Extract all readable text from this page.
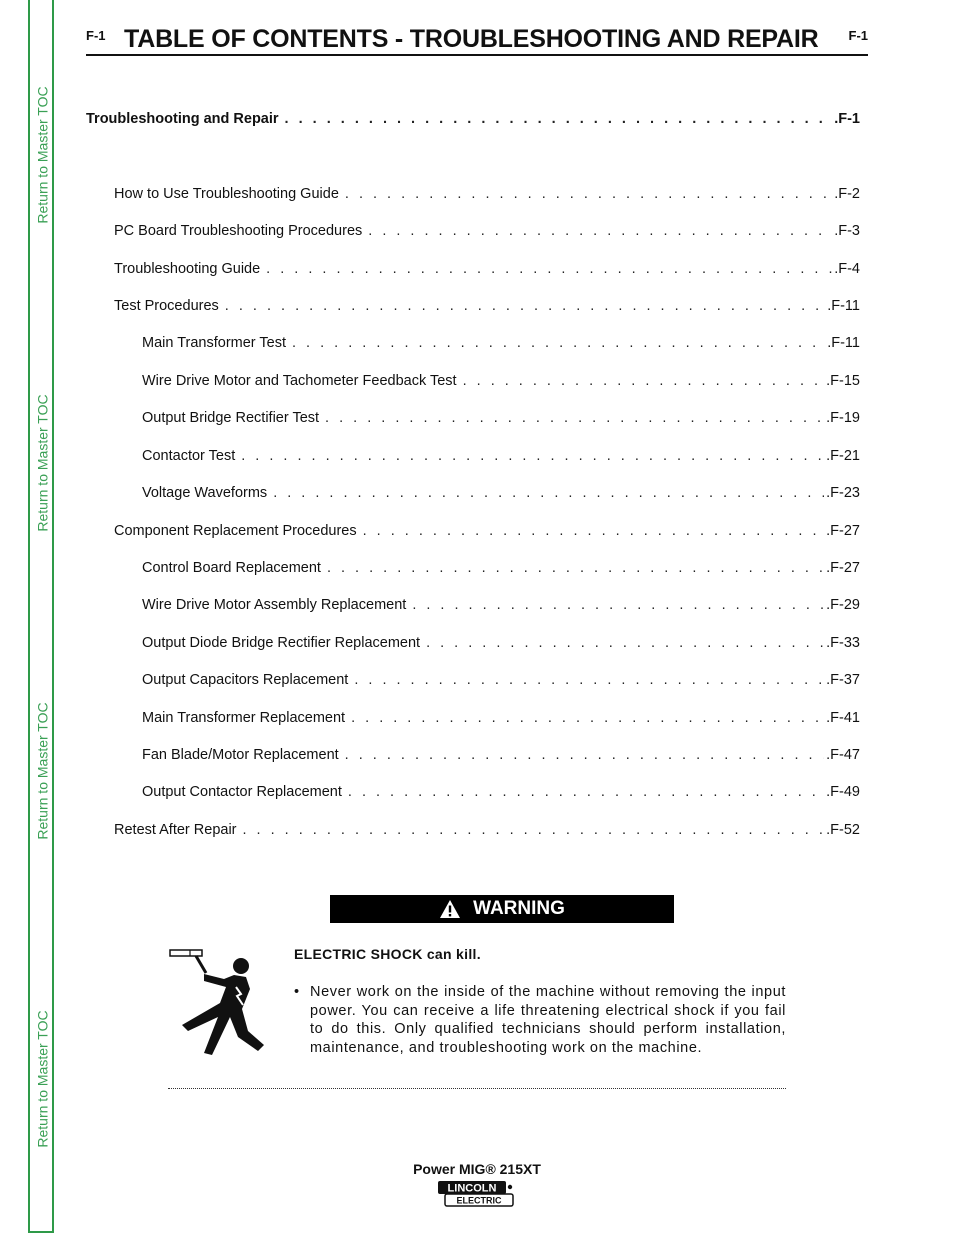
Return to Master TOC
Return to Master TOC
Return to Master TOC
Return to Master TOC
F-1 TABLE OF CONTENTS - TROUBLESHOOTING AND REPAIR F-1
Troubleshooting and Repair . . .	.F-1
How to Use Troubleshooting Guide . . .	.F-2
PC Board Troubleshooting Procedures . . .	.F-3
Troubleshooting Guide . . .	.F-4
Test Procedures . . .	.F-11
Main Transformer Test . . .	.F-11
Wire Drive Motor and Tachometer Feedback Test . . .	.F-15
Output Bridge Rectifier Test . . .	.F-19
Contactor Test . . .	.F-21
Voltage Waveforms . . .	.F-23
Component Replacement Procedures . . .	.F-27
Control Board Replacement . . .	.F-27
Wire Drive Motor Assembly Replacement . . .	.F-29
Output Diode Bridge Rectifier Replacement . . .	.F-33
Output Capacitors Replacement . . .	.F-37
Main Transformer Replacement . . .	.F-41
Fan Blade/Motor Replacement . . .	.F-47
Output Contactor Replacement . . .	.F-49
Retest After Repair . . .	.F-52
WARNING
ELECTRIC SHOCK can kill.
• Never work on the inside of the machine without removing the input power. You can receive a life threatening electrical shock if you fail to do this. Only qualified technicians should perform installation, maintenance, and troubleshooting work on the machine.
Power MIG® 215XT
LINCOLN
ELECTRIC
